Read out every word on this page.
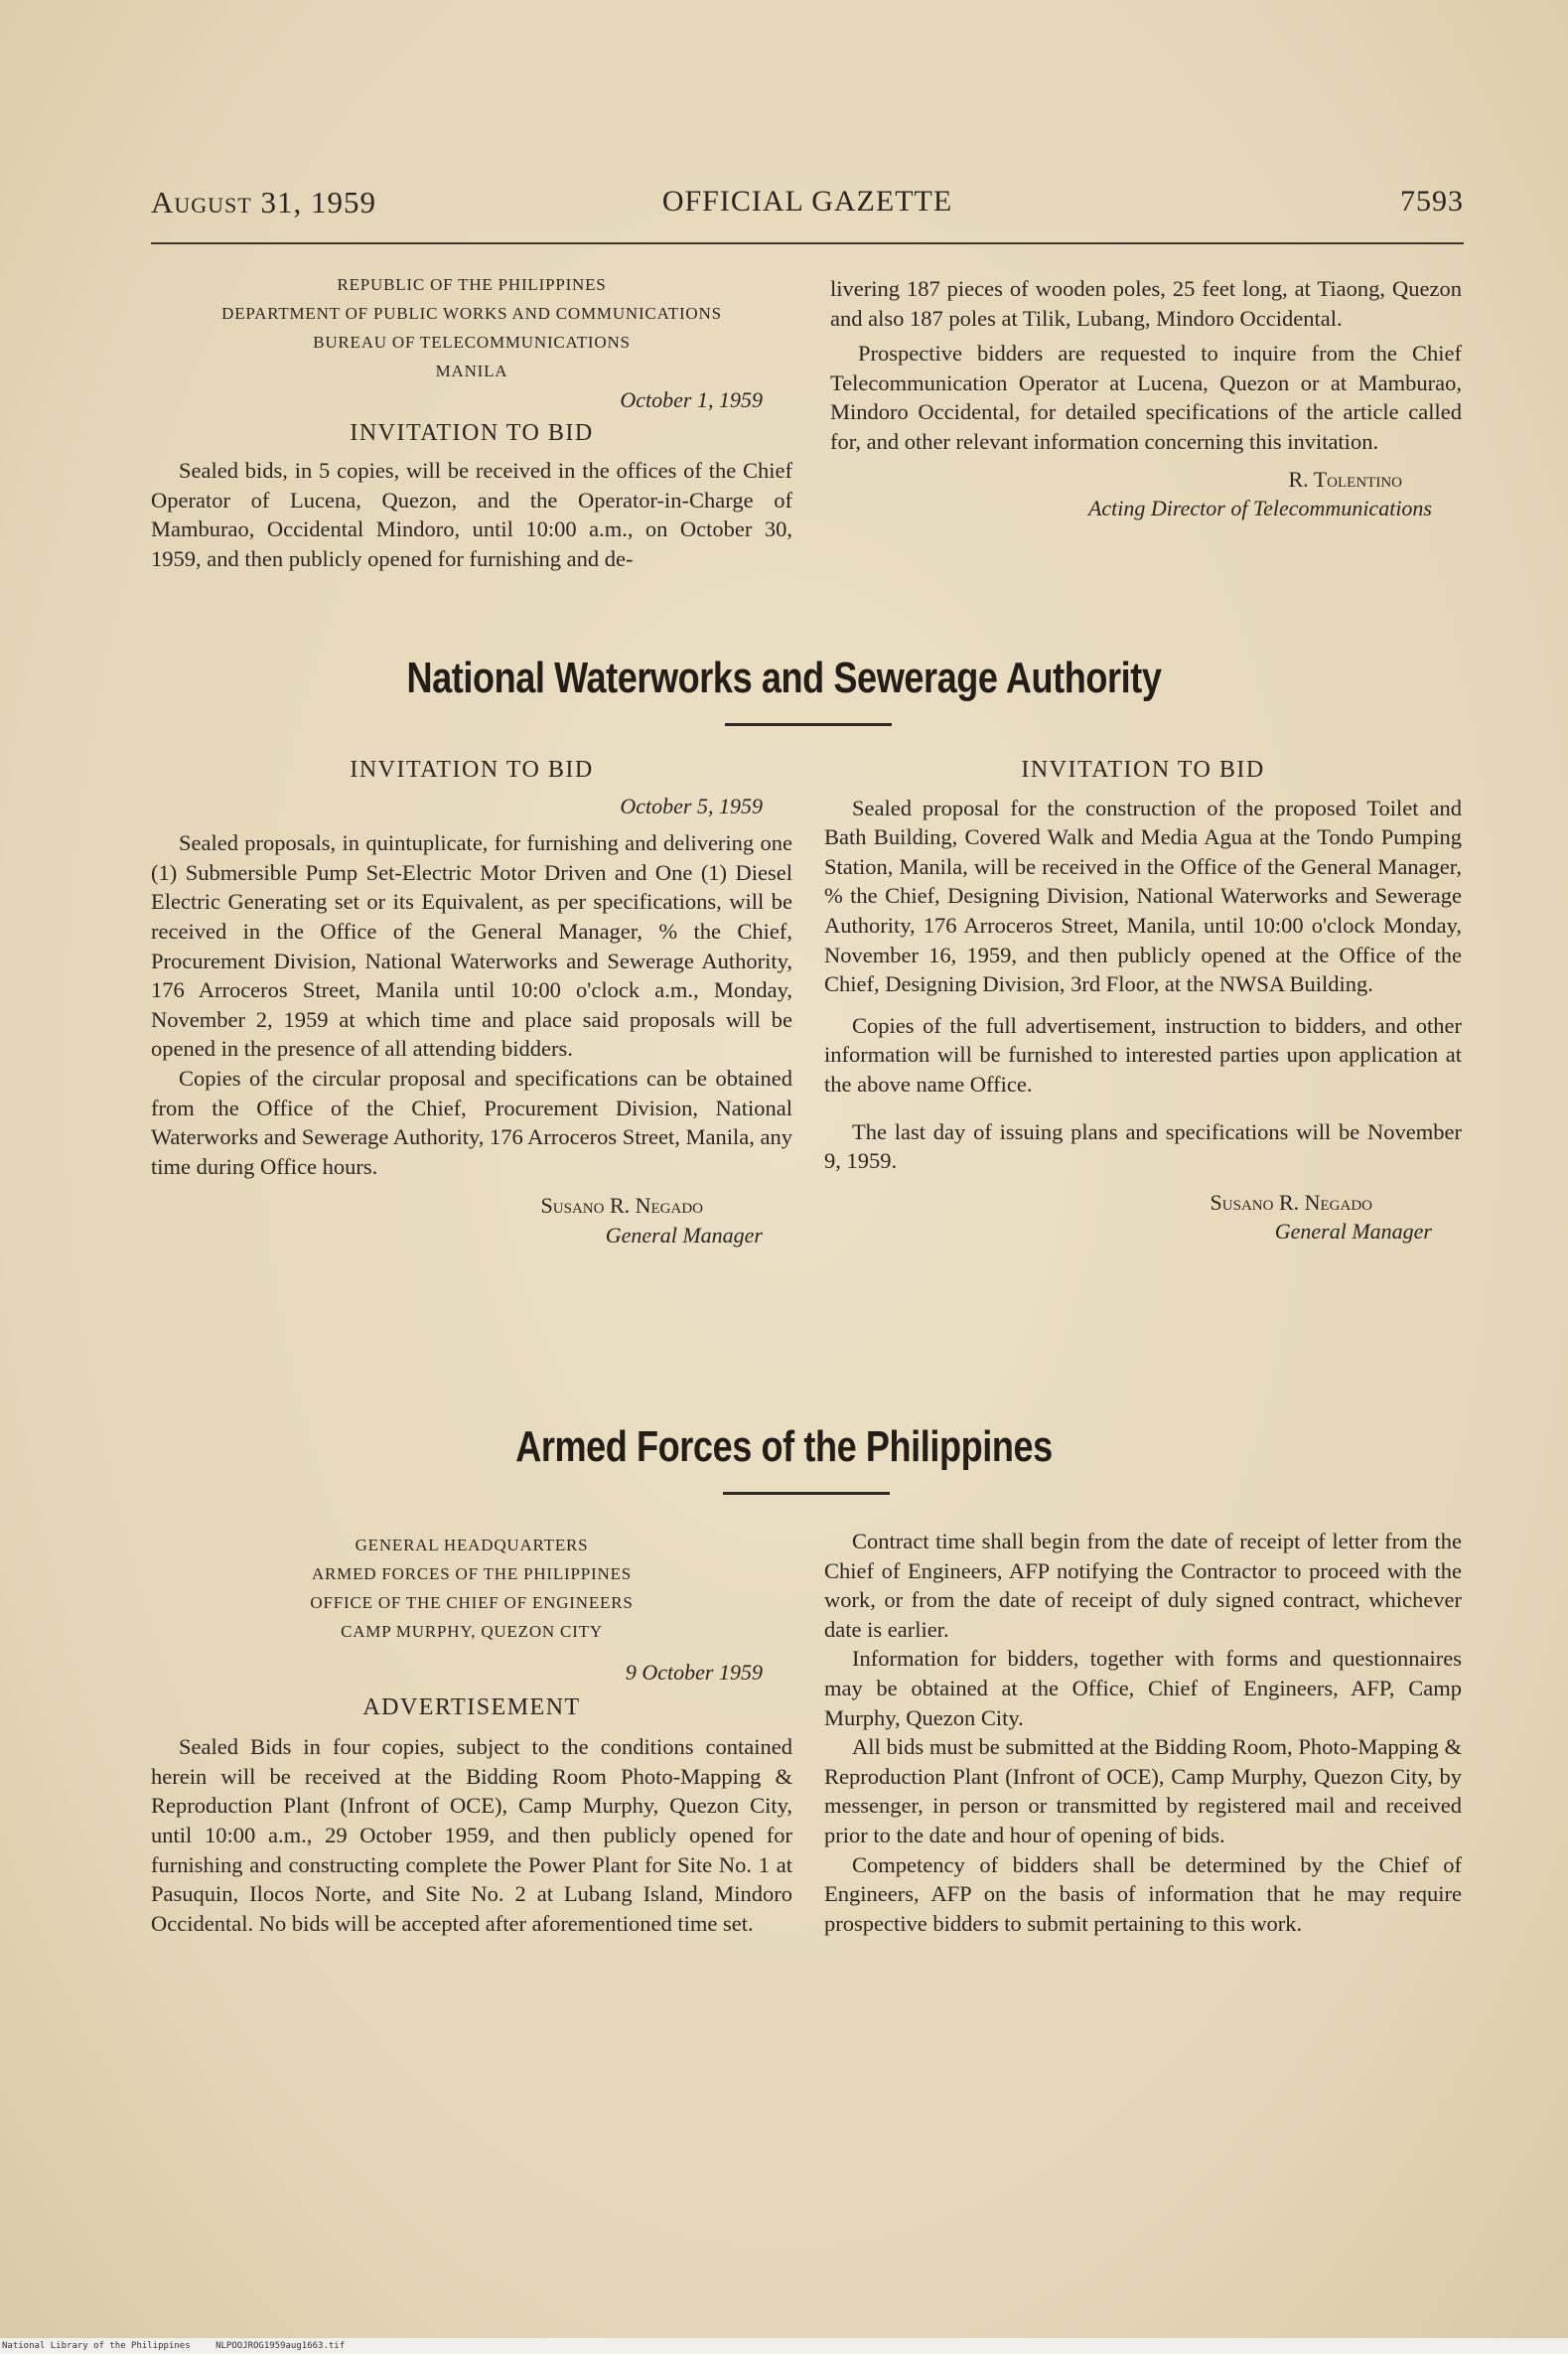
August 31, 1959	OFFICIAL GAZETTE	7593
REPUBLIC OF THE PHILIPPINES
DEPARTMENT OF PUBLIC WORKS AND COMMUNICATIONS
BUREAU OF TELECOMMUNICATIONS
MANILA
October 1, 1959
INVITATION TO BID

Sealed bids, in 5 copies, will be received in the offices of the Chief Operator of Lucena, Quezon, and the Operator-in-Charge of Mamburao, Occidental Mindoro, until 10:00 a.m., on October 30, 1959, and then publicly opened for furnishing and de-

livering 187 pieces of wooden poles, 25 feet long, at Tiaong, Quezon and also 187 poles at Tilik, Lubang, Mindoro Occidental.

Prospective bidders are requested to inquire from the Chief Telecommunication Operator at Lucena, Quezon or at Mamburao, Mindoro Occidental, for detailed specifications of the article called for, and other relevant information concerning this invitation.

R. Tolentino
Acting Director of Telecommunications
National Waterworks and Sewerage Authority
INVITATION TO BID
October 5, 1959

Sealed proposals, in quintuplicate, for furnishing and delivering one (1) Submersible Pump Set-Electric Motor Driven and One (1) Diesel Electric Generating set or its Equivalent, as per specifications, will be received in the Office of the General Manager, % the Chief, Procurement Division, National Waterworks and Sewerage Authority, 176 Arroceros Street, Manila until 10:00 o'clock a.m., Monday, November 2, 1959 at which time and place said proposals will be opened in the presence of all attending bidders.

Copies of the circular proposal and specifications can be obtained from the Office of the Chief, Procurement Division, National Waterworks and Sewerage Authority, 176 Arroceros Street, Manila, any time during Office hours.

Susano R. Negado
General Manager
INVITATION TO BID

Sealed proposal for the construction of the proposed Toilet and Bath Building, Covered Walk and Media Agua at the Tondo Pumping Station, Manila, will be received in the Office of the General Manager, % the Chief, Designing Division, National Waterworks and Sewerage Authority, 176 Arroceros Street, Manila, until 10:00 o'clock Monday, November 16, 1959, and then publicly opened at the Office of the Chief, Designing Division, 3rd Floor, at the NWSA Building.

Copies of the full advertisement, instruction to bidders, and other information will be furnished to interested parties upon application at the above name Office.

The last day of issuing plans and specifications will be November 9, 1959.

Susano R. Negado
General Manager
Armed Forces of the Philippines
GENERAL HEADQUARTERS
ARMED FORCES OF THE PHILIPPINES
OFFICE OF THE CHIEF OF ENGINEERS
CAMP MURPHY, QUEZON CITY
9 October 1959
ADVERTISEMENT

Sealed Bids in four copies, subject to the conditions contained herein will be received at the Bidding Room Photo-Mapping & Reproduction Plant (Infront of OCE), Camp Murphy, Quezon City, until 10:00 a.m., 29 October 1959, and then publicly opened for furnishing and constructing complete the Power Plant for Site No. 1 at Pasuquin, Ilocos Norte, and Site No. 2 at Lubang Island, Mindoro Occidental. No bids will be accepted after aforementioned time set.

Contract time shall begin from the date of receipt of letter from the Chief of Engineers, AFP notifying the Contractor to proceed with the work, or from the date of receipt of duly signed contract, whichever date is earlier.

Information for bidders, together with forms and questionnaires may be obtained at the Office, Chief of Engineers, AFP, Camp Murphy, Quezon City.

All bids must be submitted at the Bidding Room, Photo-Mapping & Reproduction Plant (Infront of OCE), Camp Murphy, Quezon City, by messenger, in person or transmitted by registered mail and received prior to the date and hour of opening of bids.

Competency of bidders shall be determined by the Chief of Engineers, AFP on the basis of information that he may require prospective bidders to submit pertaining to this work.

National Library of the Philippines	NLPOOJROG1959aug1663.tif
